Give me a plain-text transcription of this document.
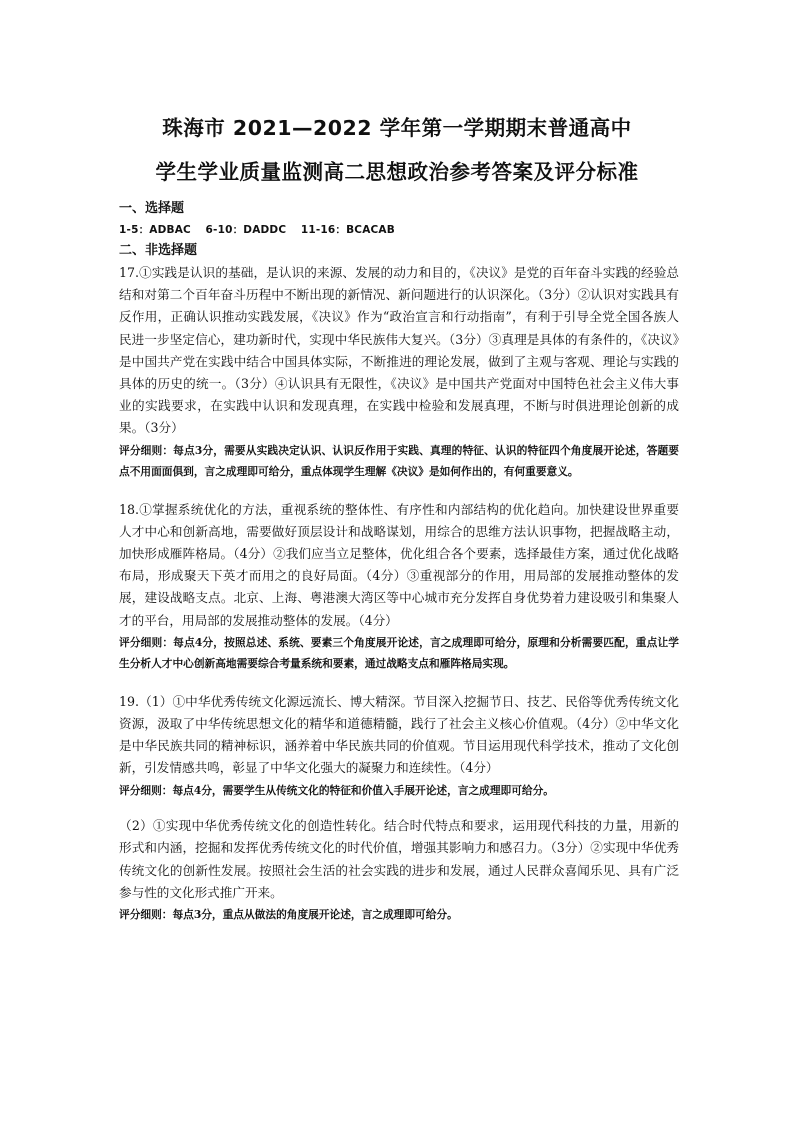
珠海市 2021—2022 学年第一学期期末普通高中
学生学业质量监测高二思想政治参考答案及评分标准
一、选择题
1-5：ADBAC　 6-10：DADDC　 11-16：BCACAB
二、非选择题
17.①实践是认识的基础，是认识的来源、发展的动力和目的，《决议》是党的百年奋斗实践的经验总结和对第二个百年奋斗历程中不断出现的新情况、新问题进行的认识深化。（3分）②认识对实践具有反作用，正确认识推动实践发展，《决议》作为“政治宣言和行动指南”，有利于引导全党全国各族人民进一步坚定信心，建功新时代，实现中华民族伟大复兴。（3分）③真理是具体的有条件的，《决议》是中国共产党在实践中结合中国具体实际，不断推进的理论发展，做到了主观与客观、理论与实践的具体的历史的统一。（3分）④认识具有无限性，《决议》是中国共产党面对中国特色社会主义伟大事业的实践要求，在实践中认识和发现真理，在实践中检验和发展真理，不断与时俱进理论创新的成果。（3分）
评分细则：每点3分，需要从实践决定认识、认识反作用于实践、真理的特征、认识的特征四个角度展开论述，答题要点不用面面俱到，言之成理即可给分，重点体现学生理解《决议》是如何作出的，有何重要意义。
18.①掌握系统优化的方法，重视系统的整体性、有序性和内部结构的优化趋向。加快建设世界重要人才中心和创新高地，需要做好顶层设计和战略谋划，用综合的思维方法认识事物，把握战略主动，加快形成雁阵格局。（4分）②我们应当立足整体，优化组合各个要素，选择最佳方案，通过优化战略布局，形成聚天下英才而用之的良好局面。（4分）③重视部分的作用，用局部的发展推动整体的发展，建设战略支点。北京、上海、粤港澳大湾区等中心城市充分发挥自身优势着力建设吸引和集聚人才的平台，用局部的发展推动整体的发展。（4分）
评分细则：每点4分，按照总述、系统、要素三个角度展开论述，言之成理即可给分，原理和分析需要匹配，重点让学生分析人才中心创新高地需要综合考量系统和要素，通过战略支点和雁阵格局实现。
19.（1）①中华优秀传统文化源远流长、博大精深。节目深入挖掘节日、技艺、民俗等优秀传统文化资源，汲取了中华传统思想文化的精华和道德精髓，践行了社会主义核心价值观。（4分）②中华文化是中华民族共同的精神标识，涵养着中华民族共同的价值观。节目运用现代科学技术，推动了文化创新，引发情感共鸣，彰显了中华文化强大的凝聚力和连续性。（4分）
评分细则：每点4分，需要学生从传统文化的特征和价值入手展开论述，言之成理即可给分。
（2）①实现中华优秀传统文化的创造性转化。结合时代特点和要求，运用现代科技的力量，用新的形式和内涵，挖掘和发挥优秀传统文化的时代价值，增强其影响力和感召力。（3分）②实现中华优秀传统文化的创新性发展。按照社会生活的社会实践的进步和发展，通过人民群众喜闻乐见、具有广泛参与性的文化形式推广开来。
评分细则：每点3分，重点从做法的角度展开论述，言之成理即可给分。
